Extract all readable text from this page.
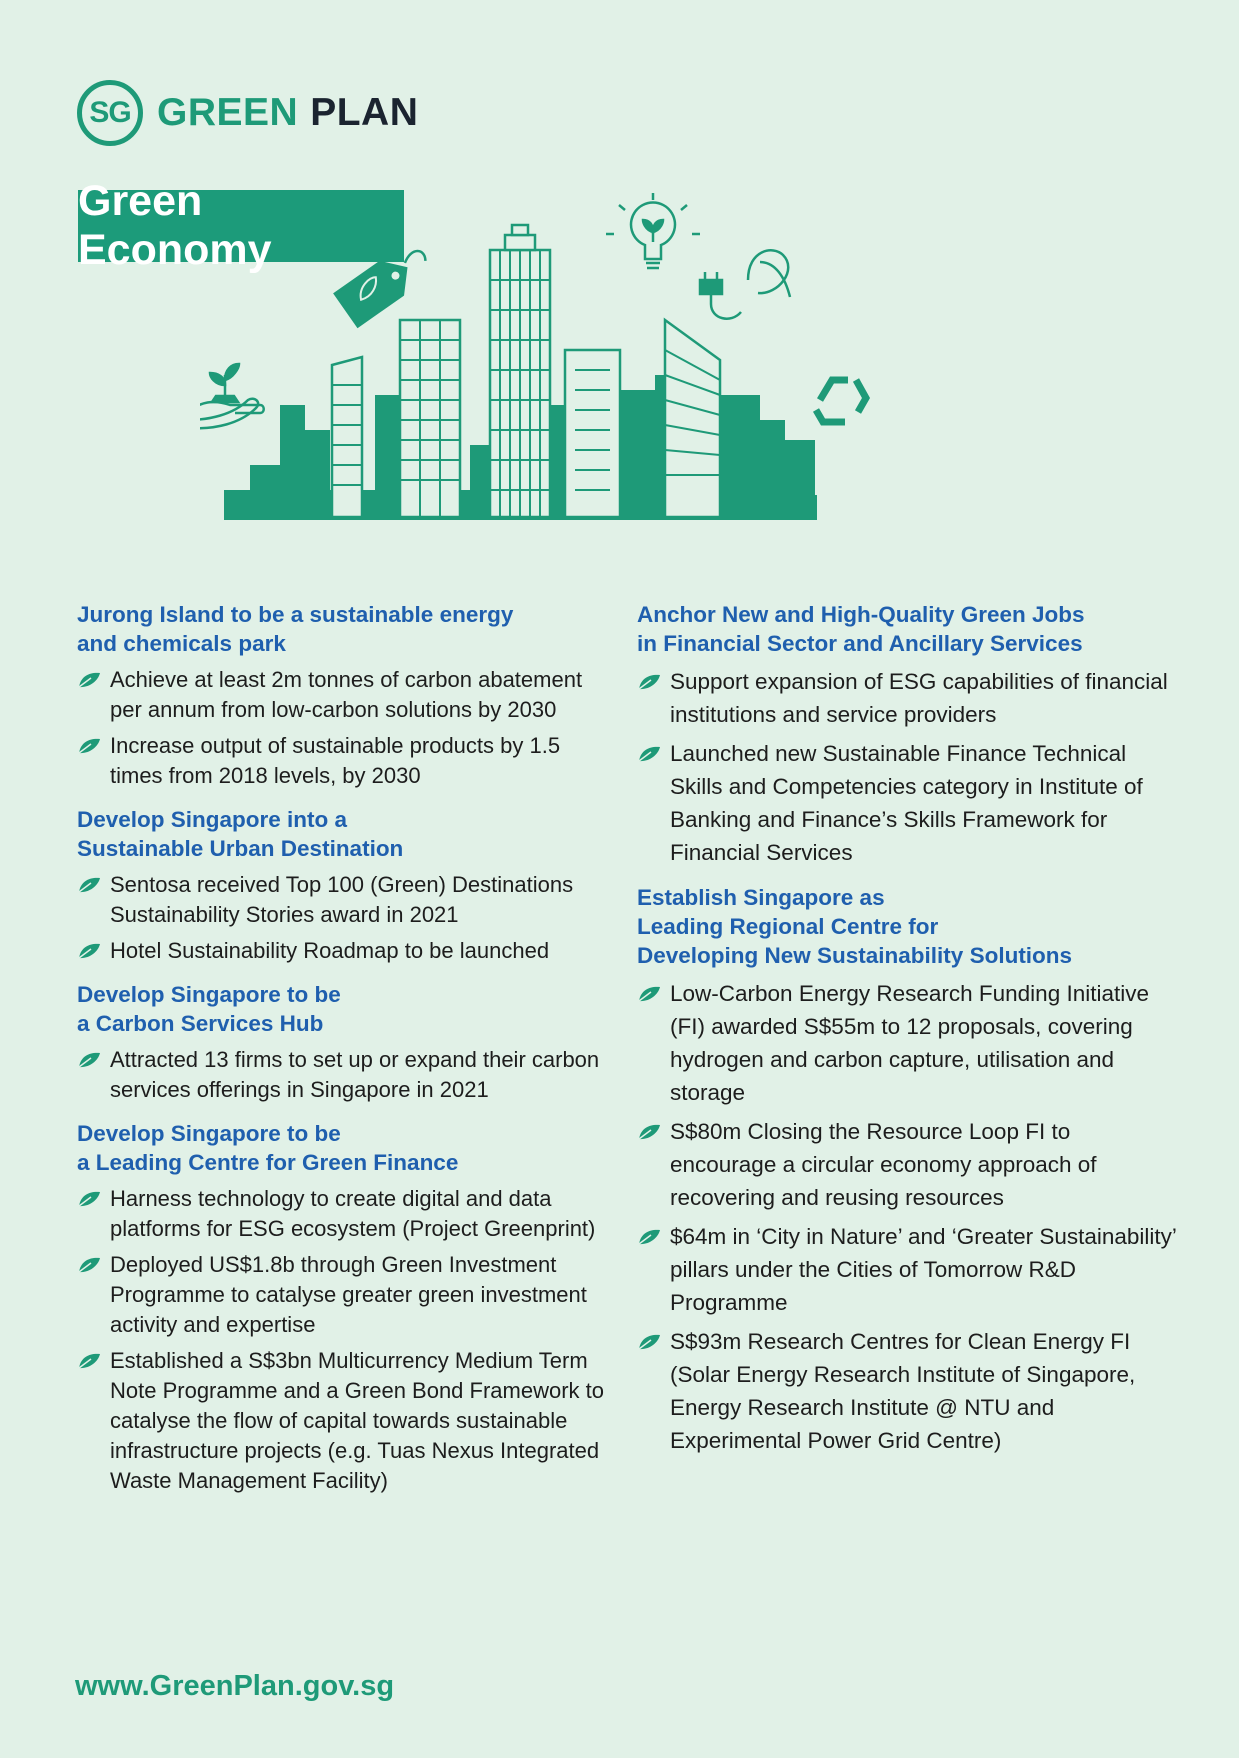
SG GREEN PLAN
Green Economy
Jurong Island to be a sustainable energy
and chemicals park
Achieve at least 2m tonnes of carbon abatement per annum from low-carbon solutions by 2030
Increase output of sustainable products by 1.5 times from 2018 levels, by 2030
Develop Singapore into a
Sustainable Urban Destination
Sentosa received Top 100 (Green) Destinations Sustainability Stories award in 2021
Hotel Sustainability Roadmap to be launched
Develop Singapore to be
a Carbon Services Hub
Attracted 13 firms to set up or expand their carbon services offerings in Singapore in 2021
Develop Singapore to be
a Leading Centre for Green Finance
Harness technology to create digital and data platforms for ESG ecosystem (Project Greenprint)
Deployed US$1.8b through Green Investment Programme to catalyse greater green investment activity and expertise
Established a S$3bn Multicurrency Medium Term Note Programme and a Green Bond Framework to catalyse the flow of capital towards sustainable infrastructure projects (e.g. Tuas Nexus Integrated Waste Management Facility)
Anchor New and High-Quality Green Jobs
in Financial Sector and Ancillary Services
Support expansion of ESG capabilities of financial institutions and service providers
Launched new Sustainable Finance Technical Skills and Competencies category in Institute of Banking and Finance’s Skills Framework for Financial Services
Establish Singapore as
Leading Regional Centre for
Developing New Sustainability Solutions
Low-Carbon Energy Research Funding Initiative (FI) awarded S$55m to 12 proposals, covering hydrogen and carbon capture, utilisation and storage
S$80m Closing the Resource Loop FI to encourage a circular economy approach of recovering and reusing resources
$64m in ‘City in Nature’ and ‘Greater Sustainability’ pillars under the Cities of Tomorrow R&D Programme
S$93m Research Centres for Clean Energy FI (Solar Energy Research Institute of Singapore, Energy Research Institute @ NTU and Experimental Power Grid Centre)
www.GreenPlan.gov.sg
